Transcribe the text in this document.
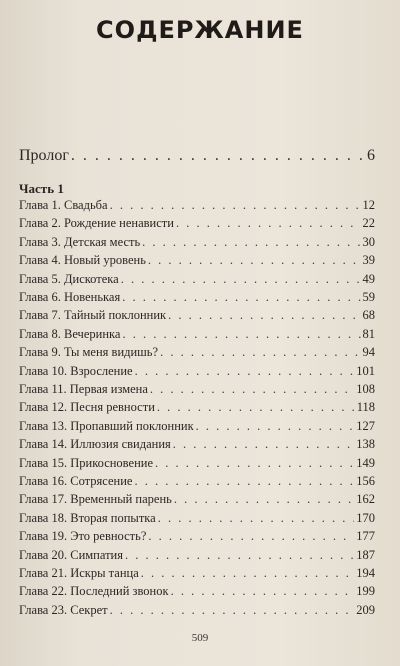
СОДЕРЖАНИЕ
Пролог . . .	6
Часть 1
Глава 1. Свадьба . . .	12
Глава 2. Рождение ненависти . . .	22
Глава 3. Детская месть . . .	30
Глава 4. Новый уровень . . .	39
Глава 5. Дискотека . . .	49
Глава 6. Новенькая . . .	59
Глава 7. Тайный поклонник . . .	68
Глава 8. Вечеринка . . .	81
Глава 9. Ты меня видишь? . . .	94
Глава 10. Взросление . . .	101
Глава 11. Первая измена . . .	108
Глава 12. Песня ревности . . .	118
Глава 13. Пропавший поклонник . . .	127
Глава 14. Иллюзия свидания . . .	138
Глава 15. Прикосновение . . .	149
Глава 16. Сотрясение . . .	156
Глава 17. Временный парень . . .	162
Глава 18. Вторая попытка . . .	170
Глава 19. Это ревность? . . .	177
Глава 20. Симпатия . . .	187
Глава 21. Искры танца . . .	194
Глава 22. Последний звонок . . .	199
Глава 23. Секрет . . .	209
509
